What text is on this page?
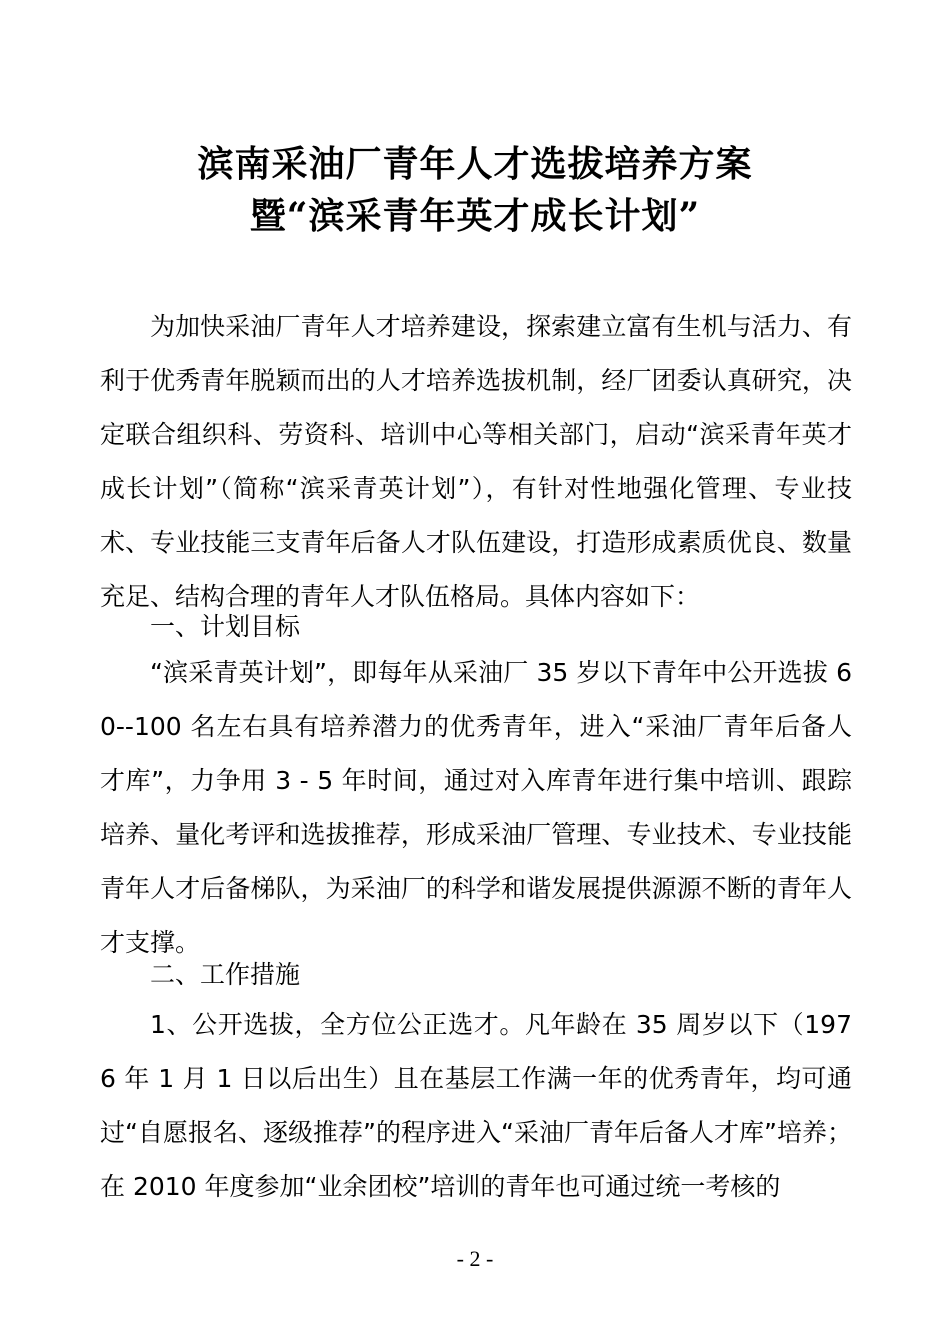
滨南采油厂青年人才选拔培养方案
暨“滨采青年英才成长计划”

为加快采油厂青年人才培养建设，探索建立富有生机与活力、有利于优秀青年脱颖而出的人才培养选拔机制，经厂团委认真研究，决定联合组织科、劳资科、培训中心等相关部门，启动“滨采青年英才成长计划”（简称“滨采青英计划”），有针对性地强化管理、专业技术、专业技能三支青年后备人才队伍建设，打造形成素质优良、数量充足、结构合理的青年人才队伍格局。具体内容如下：

一、计划目标

“滨采青英计划”，即每年从采油厂 35 岁以下青年中公开选拔 60--100 名左右具有培养潜力的优秀青年，进入“采油厂青年后备人才库”，力争用 3 - 5 年时间，通过对入库青年进行集中培训、跟踪培养、量化考评和选拔推荐，形成采油厂管理、专业技术、专业技能青年人才后备梯队，为采油厂的科学和谐发展提供源源不断的青年人才支撑。

二、工作措施

1、公开选拔，全方位公正选才。凡年龄在 35 周岁以下（1976 年 1 月 1 日以后出生）且在基层工作满一年的优秀青年，均可通过“自愿报名、逐级推荐”的程序进入“采油厂青年后备人才库”培养；在 2010 年度参加“业余团校”培训的青年也可通过统一考核的

- 2 -
